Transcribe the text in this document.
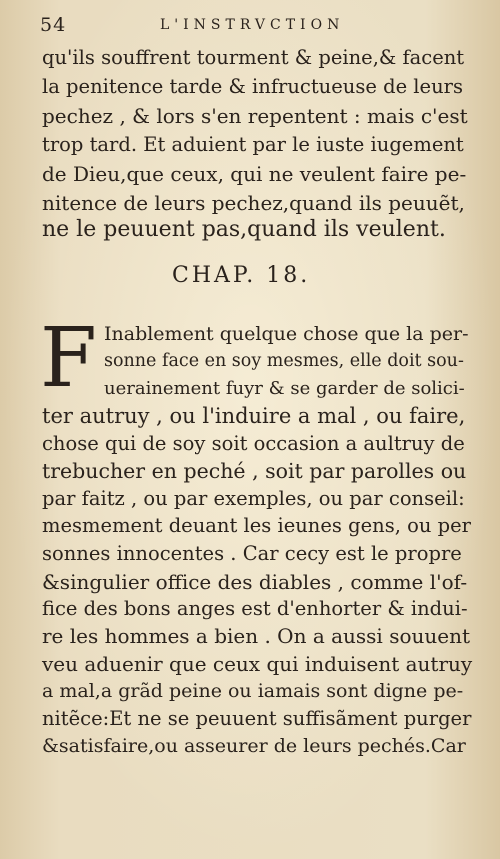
54	L'INSTRVCTION
qu'ils souffrent tourment & peine,& facent
la penitence tarde & infructueuse de leurs
pechez , & lors s'en repentent : mais c'est
trop tard. Et aduient par le iuste iugement
de Dieu,que ceux, qui ne veulent faire pe-
nitence de leurs pechez,quand ils peuuẽt,
ne le peuuent pas,quand ils veulent.
CHAP. 18.
F Inablement quelque chose que la per-
sonne face en soy mesmes, elle doit sou-
uerainement fuyr & se garder de solici-
ter autruy , ou l'induire a mal , ou faire,
chose qui de soy soit occasion a aultruy de
trebucher en peché , soit par parolles ou
par faitz , ou par exemples, ou par conseil:
mesmement deuant les ieunes gens, ou per
sonnes innocentes . Car cecy est le propre
&singulier office des diables , comme l'of-
fice des bons anges est d'enhorter & indui-
re les hommes a bien . On a aussi souuent
veu aduenir que ceux qui induisent autruy
a mal,a grãd peine ou iamais sont digne pe-
nitẽce:Et ne se peuuent suffisãment purger
&satisfaire,ou asseurer de leurs pechés.Car
